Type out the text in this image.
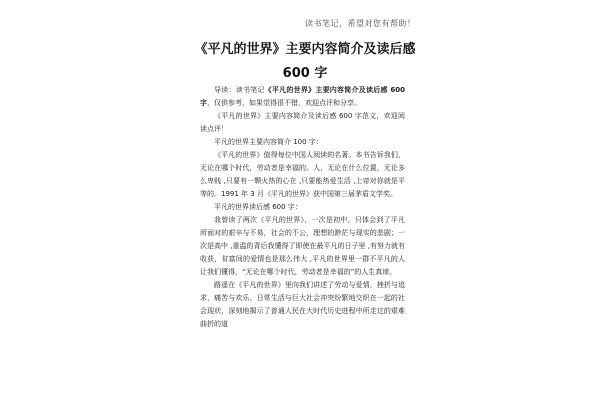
读书笔记，希望对您有帮助！
《平凡的世界》主要内容简介及读后感 600 字

导读：读书笔记《平凡的世界》主要内容简介及读后感 600 字，仅供参考，如果觉得很不错，欢迎点评和分享。

《平凡的世界》主要内容简介及读后感 600 字范文，欢迎阅读点评！

平凡的世界主要内容简介 100 字：

《平凡的世界》值得每位中国人阅读的名著。本书告诉我们，无论在哪个时代，劳动者是幸福的。人，无论在什么位置，无论多么卑贱 ,只要有一颗火热的心在 ,只要能热爱生活 ,上帝对你就是平等的。1991 年 3 月《平凡的世界》获中国第三届茅盾文学奖。

平凡的世界读后感 600 字：

我曾读了两次《平凡的世界》，一次是初中，只体会到了平凡所面对的艰辛与不易，社会的不公，理想的渺茫与现实的悲剧；一次是高中 ,重温的背后我懂得了即使在最平凡的日子里 ,有努力就有收获，贫富间的爱情也是那么伟大 ,平凡的世界里一群不平凡的人让我们懂得，“无论在哪个时代，劳动者是幸福的”的人生真谛。

路遥在《平凡的世界》里向我们讲述了劳动与爱情，挫折与追求，痛苦与欢乐、日常生活与巨大社会冲突纷繁地交织在一起的社会现状，深刻地揭示了普通人民在大时代历史进程中所走过的艰难曲折的道
